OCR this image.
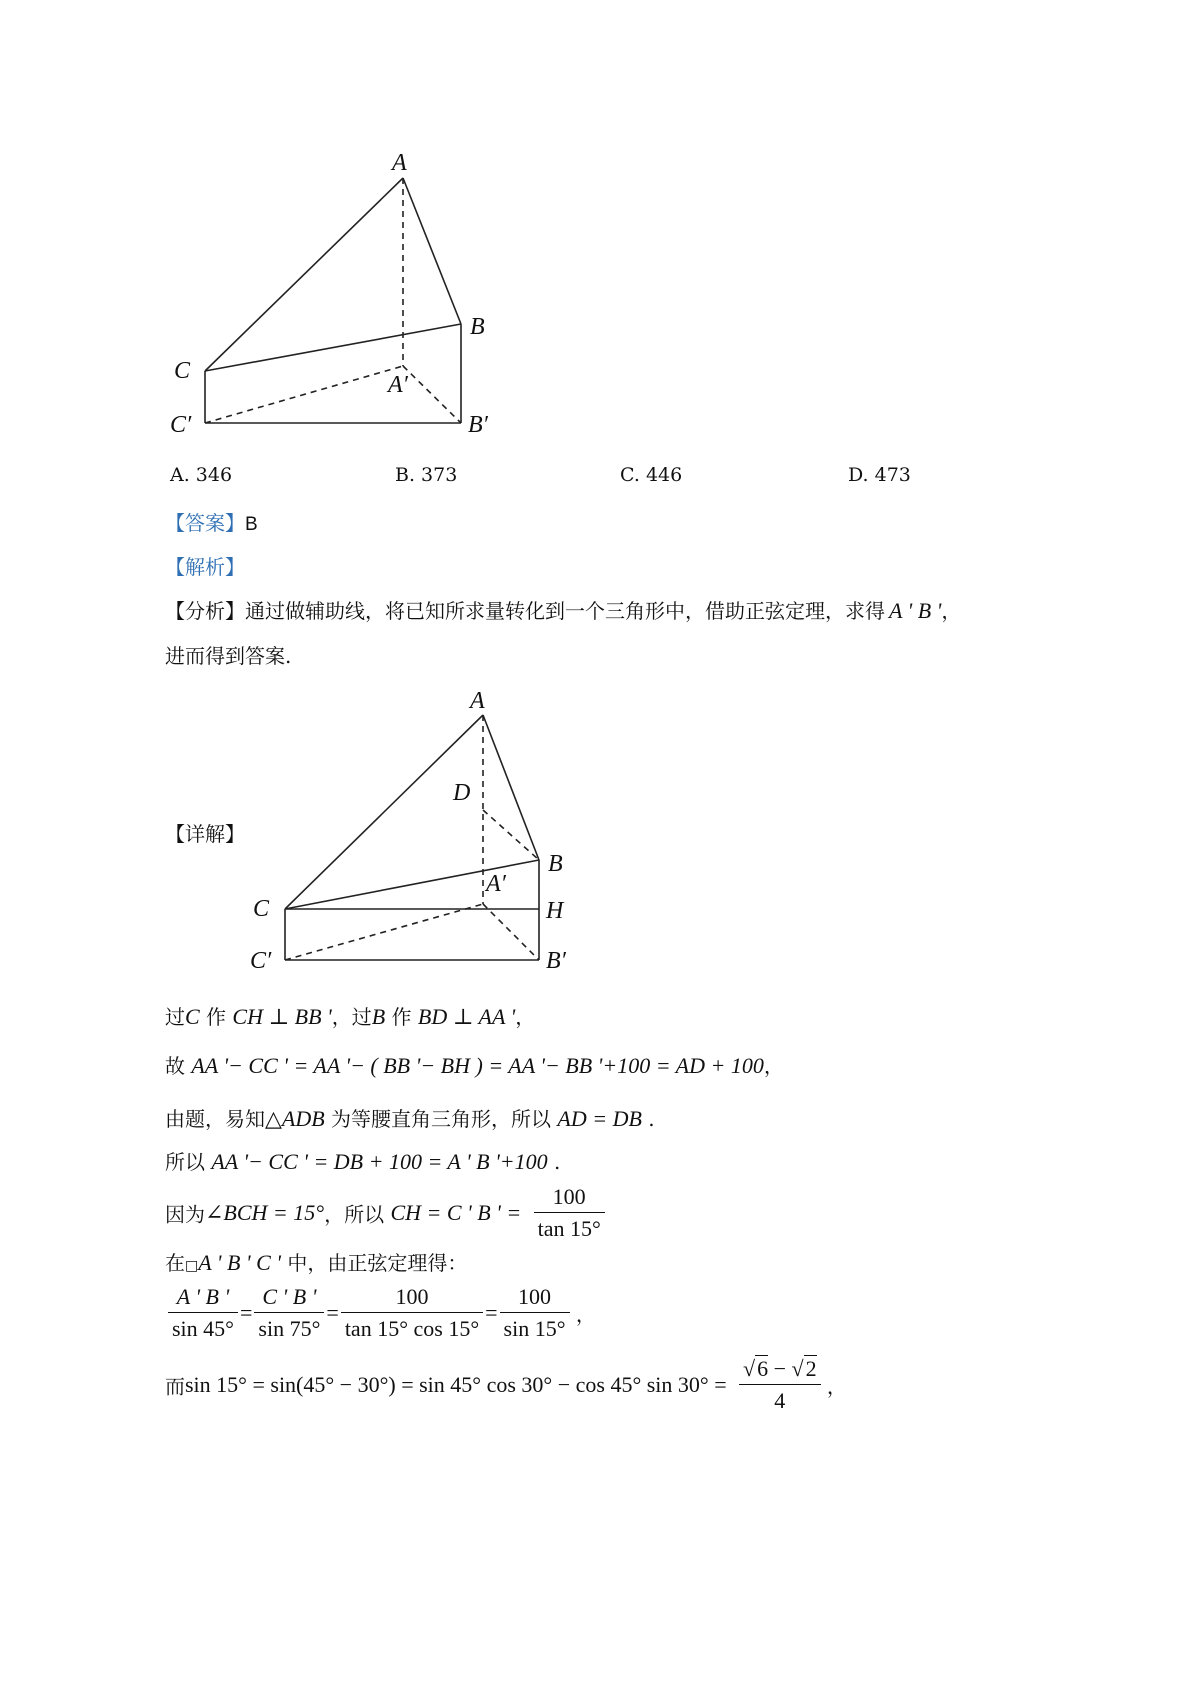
A
B
C
A′
B′
C′
A. 346	B. 373	C. 446	D. 473
【答案】B
【解析】
【分析】通过做辅助线，将已知所求量转化到一个三角形中，借助正弦定理，求得 A ' B '，
进而得到答案.
【详解】
A
D
B
A′
C	H
C′	B′
过C 作 CH ⊥ BB '，过B 作 BD ⊥ AA '，
故 AA '− CC ' = AA '− ( BB '− BH ) = AA '− BB '+100 = AD + 100，
由题，易知△ADB 为等腰直角三角形，所以 AD = DB .
所以 AA '− CC ' = DB + 100 = A ' B '+100 .
因为∠BCH = 15°，所以 CH = C ' B ' = $\frac{100}{\tan 15^\circ}$
在□A ' B ' C ' 中，由正弦定理得：
$\frac{A ' B '}{\sin 45^\circ} = \frac{C ' B '}{\sin 75^\circ} = \frac{100}{\tan 15^\circ \cos 15^\circ} = \frac{100}{\sin 15^\circ}$ ，
而sin 15° = sin(45° − 30°) = sin 45° cos 30° − cos 45° $\sin 30^\circ = \frac{√6 - √2}{4}$ ，
